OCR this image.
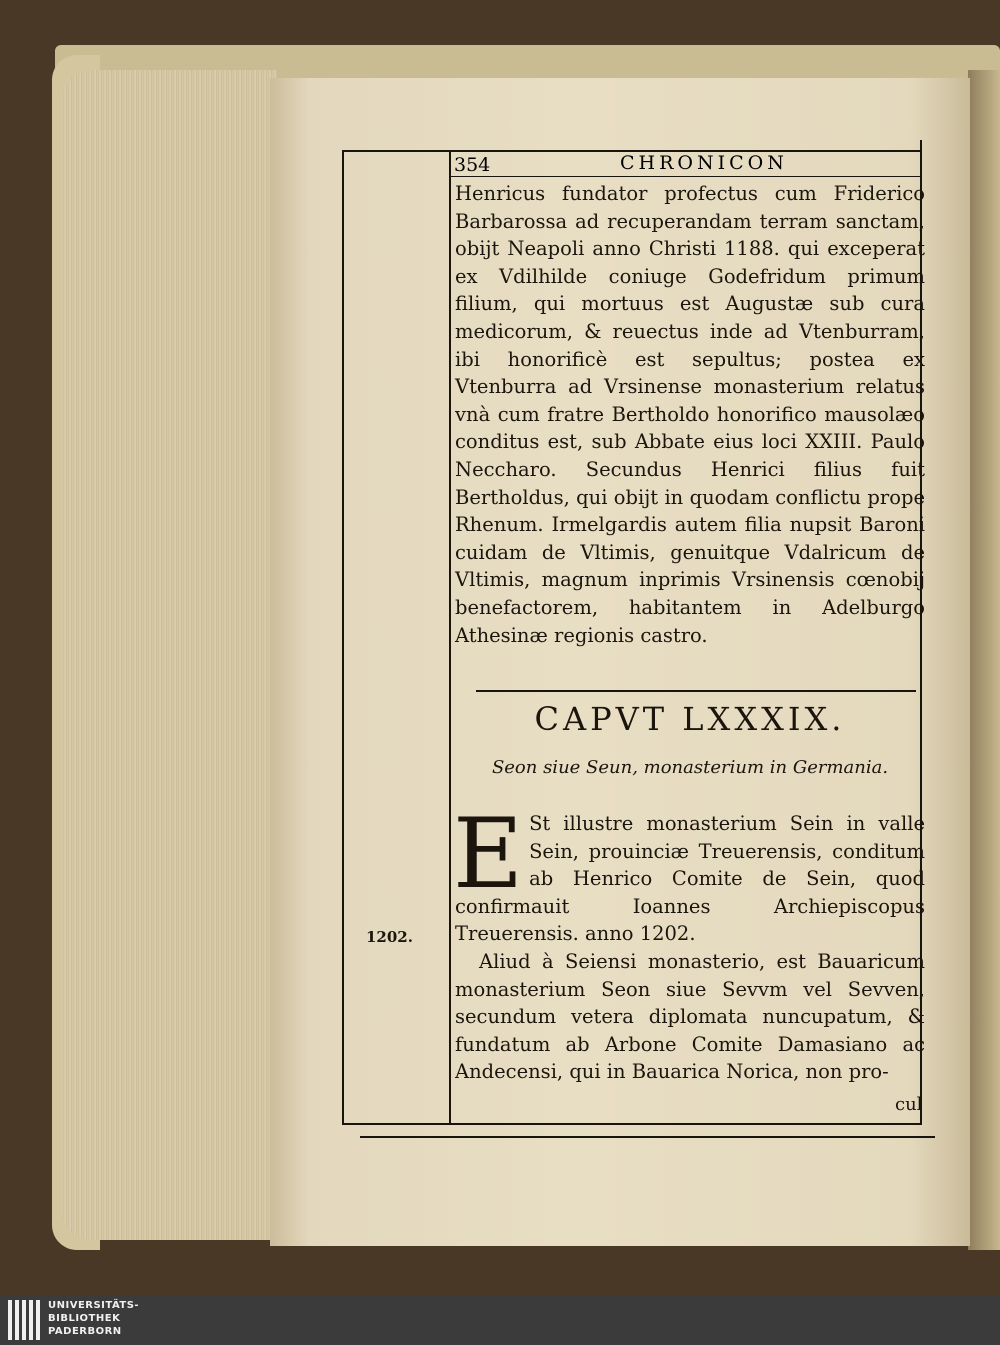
354	CHRONICON
Henricus fundator profectus cum Friderico Barbarossa ad recuperandam terram sanctam, obijt Neapoli anno Christi 1188. qui exceperat ex Vdilhilde coniuge Godefridum primum filium, qui mortuus est Augustæ sub cura medicorum, & reuectus inde ad Vtenburram, ibi honorificè est sepultus; postea ex Vtenburra ad Vrsinense monasterium relatus vnà cum fratre Bertholdo honorifico mausolæo conditus est, sub Abbate eius loci XXIII. Paulo Neccharo. Secundus Henrici filius fuit Bertholdus, qui obijt in quodam conflictu prope Rhenum. Irmelgardis autem filia nupsit Baroni cuidam de Vltimis, genuitque Vdalricum de Vltimis, magnum inprimis Vrsinensis cœnobij benefactorem, habitantem in Adelburgo Athesinæ regionis castro.
CAPVT LXXXIX.
Seon siue Seun, monasterium in Germania.
E St illustre monasterium Sein in valle Sein, prouinciæ Treuerensis, conditum ab Henrico Comite de Sein, quod confirmauit Ioannes Archiepiscopus Treuerensis. anno 1202.
Aliud à Seiensi monasterio, est Bauaricum monasterium Seon siue Sevvm vel Sevven, secundum vetera diplomata nuncupatum, & fundatum ab Arbone Comite Damasiano ac Andecensi, qui in Bauarica Norica, non pro-
1202.
cul
UNIVERSITÄTS-
BIBLIOTHEK
PADERBORN
